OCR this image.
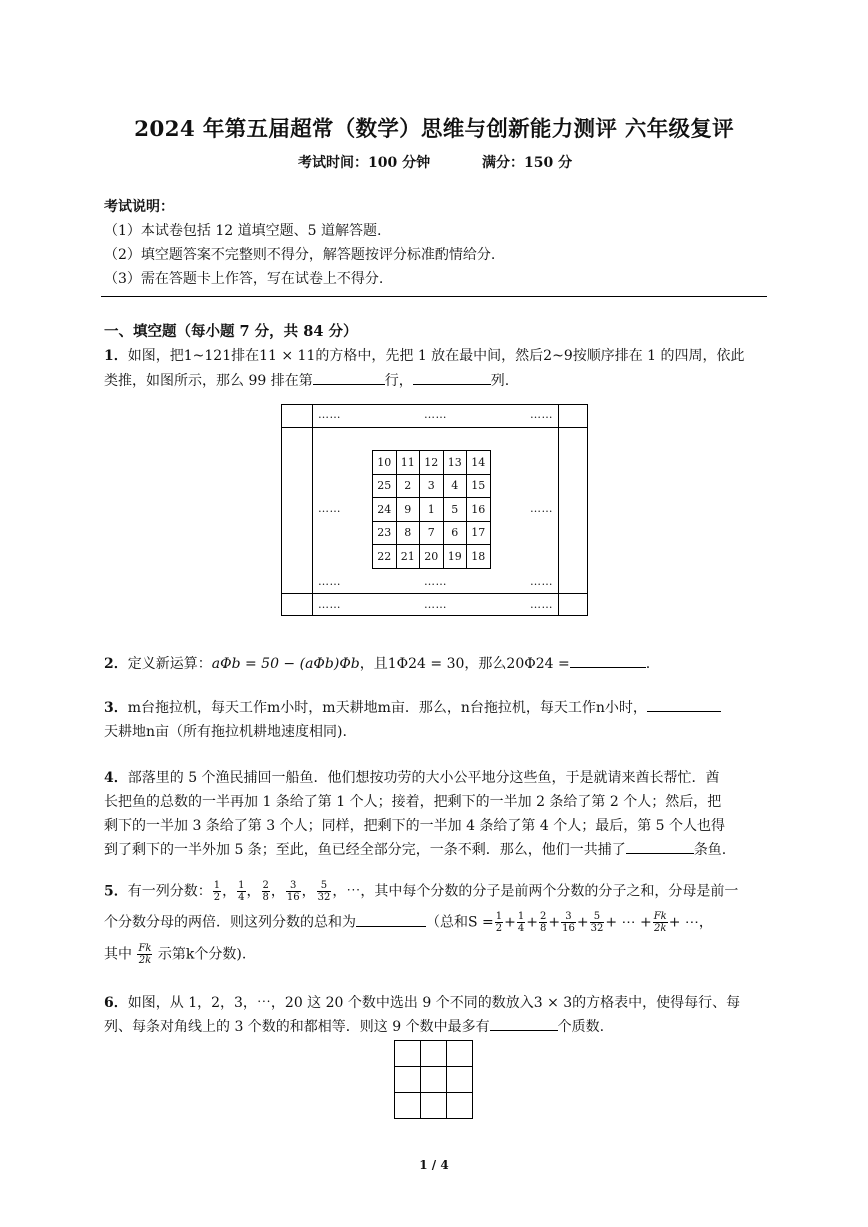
2024 年第五届超常（数学）思维与创新能力测评 六年级复评
考试时间：100 分钟	满分：150 分
考试说明：
（1）本试卷包括 12 道填空题、5 道解答题.
（2）填空题答案不完整则不得分，解答题按评分标准酌情给分.
（3）需在答题卡上作答，写在试卷上不得分.
一、填空题（每小题 7 分，共 84 分）
1．如图，把1~121排在11 × 11的方格中，先把 1 放在最中间，然后2~9按顺序排在 1 的四周，依此
类推，如图所示，那么 99 排在第	行，	列.
……	……	……
……	……
……	……	……
……	……	……
10	11	12	13	14
25	2	3	4	15
24	9	1	5	16
23	8	7	6	17
22	21	20	19	18
2．定义新运算：aΦb = 50 − (aΦb)Φb，且1Φ24 = 30，那么20Φ24 =	.
3．m台拖拉机，每天工作m小时，m天耕地m亩．那么，n台拖拉机，每天工作n小时，
天耕地n亩（所有拖拉机耕地速度相同).
4．部落里的 5 个渔民捕回一船鱼．他们想按功劳的大小公平地分这些鱼，于是就请来酋长帮忙．酋
长把鱼的总数的一半再加 1 条给了第 1 个人；接着，把剩下的一半加 2 条给了第 2 个人；然后，把
剩下的一半加 3 条给了第 3 个人；同样，把剩下的一半加 4 条给了第 4 个人；最后，第 5 个人也得
到了剩下的一半外加 5 条；至此，鱼已经全部分完，一条不剩．那么，他们一共捕了	条鱼.
5．有一列分数： $\frac{1}{2}$ ， $\frac{1}{4}$ ， $\frac{2}{8}$ ， $\frac{3}{16}$ ， $\frac{5}{32}$ ，⋯，其中每个分数的分子是前两个分数的分子之和，分母是前一
个分数分母的两倍．则这列分数的总和为	（总和$S = \frac{1}{2} + \frac{1}{4} + \frac{2}{8} + \frac{3}{16} + \frac{5}{32}$ + ⋯ + $\frac{Fk}{2k}$ + ⋯，
其中 $\frac{Fk}{2k}$ 示第k个分数).
6．如图，从 1，2，3，⋯，20 这 20 个数中选出 9 个不同的数放入3 × 3的方格表中，使得每行、每
列、每条对角线上的 3 个数的和都相等．则这 9 个数中最多有	个质数.

1 / 4
